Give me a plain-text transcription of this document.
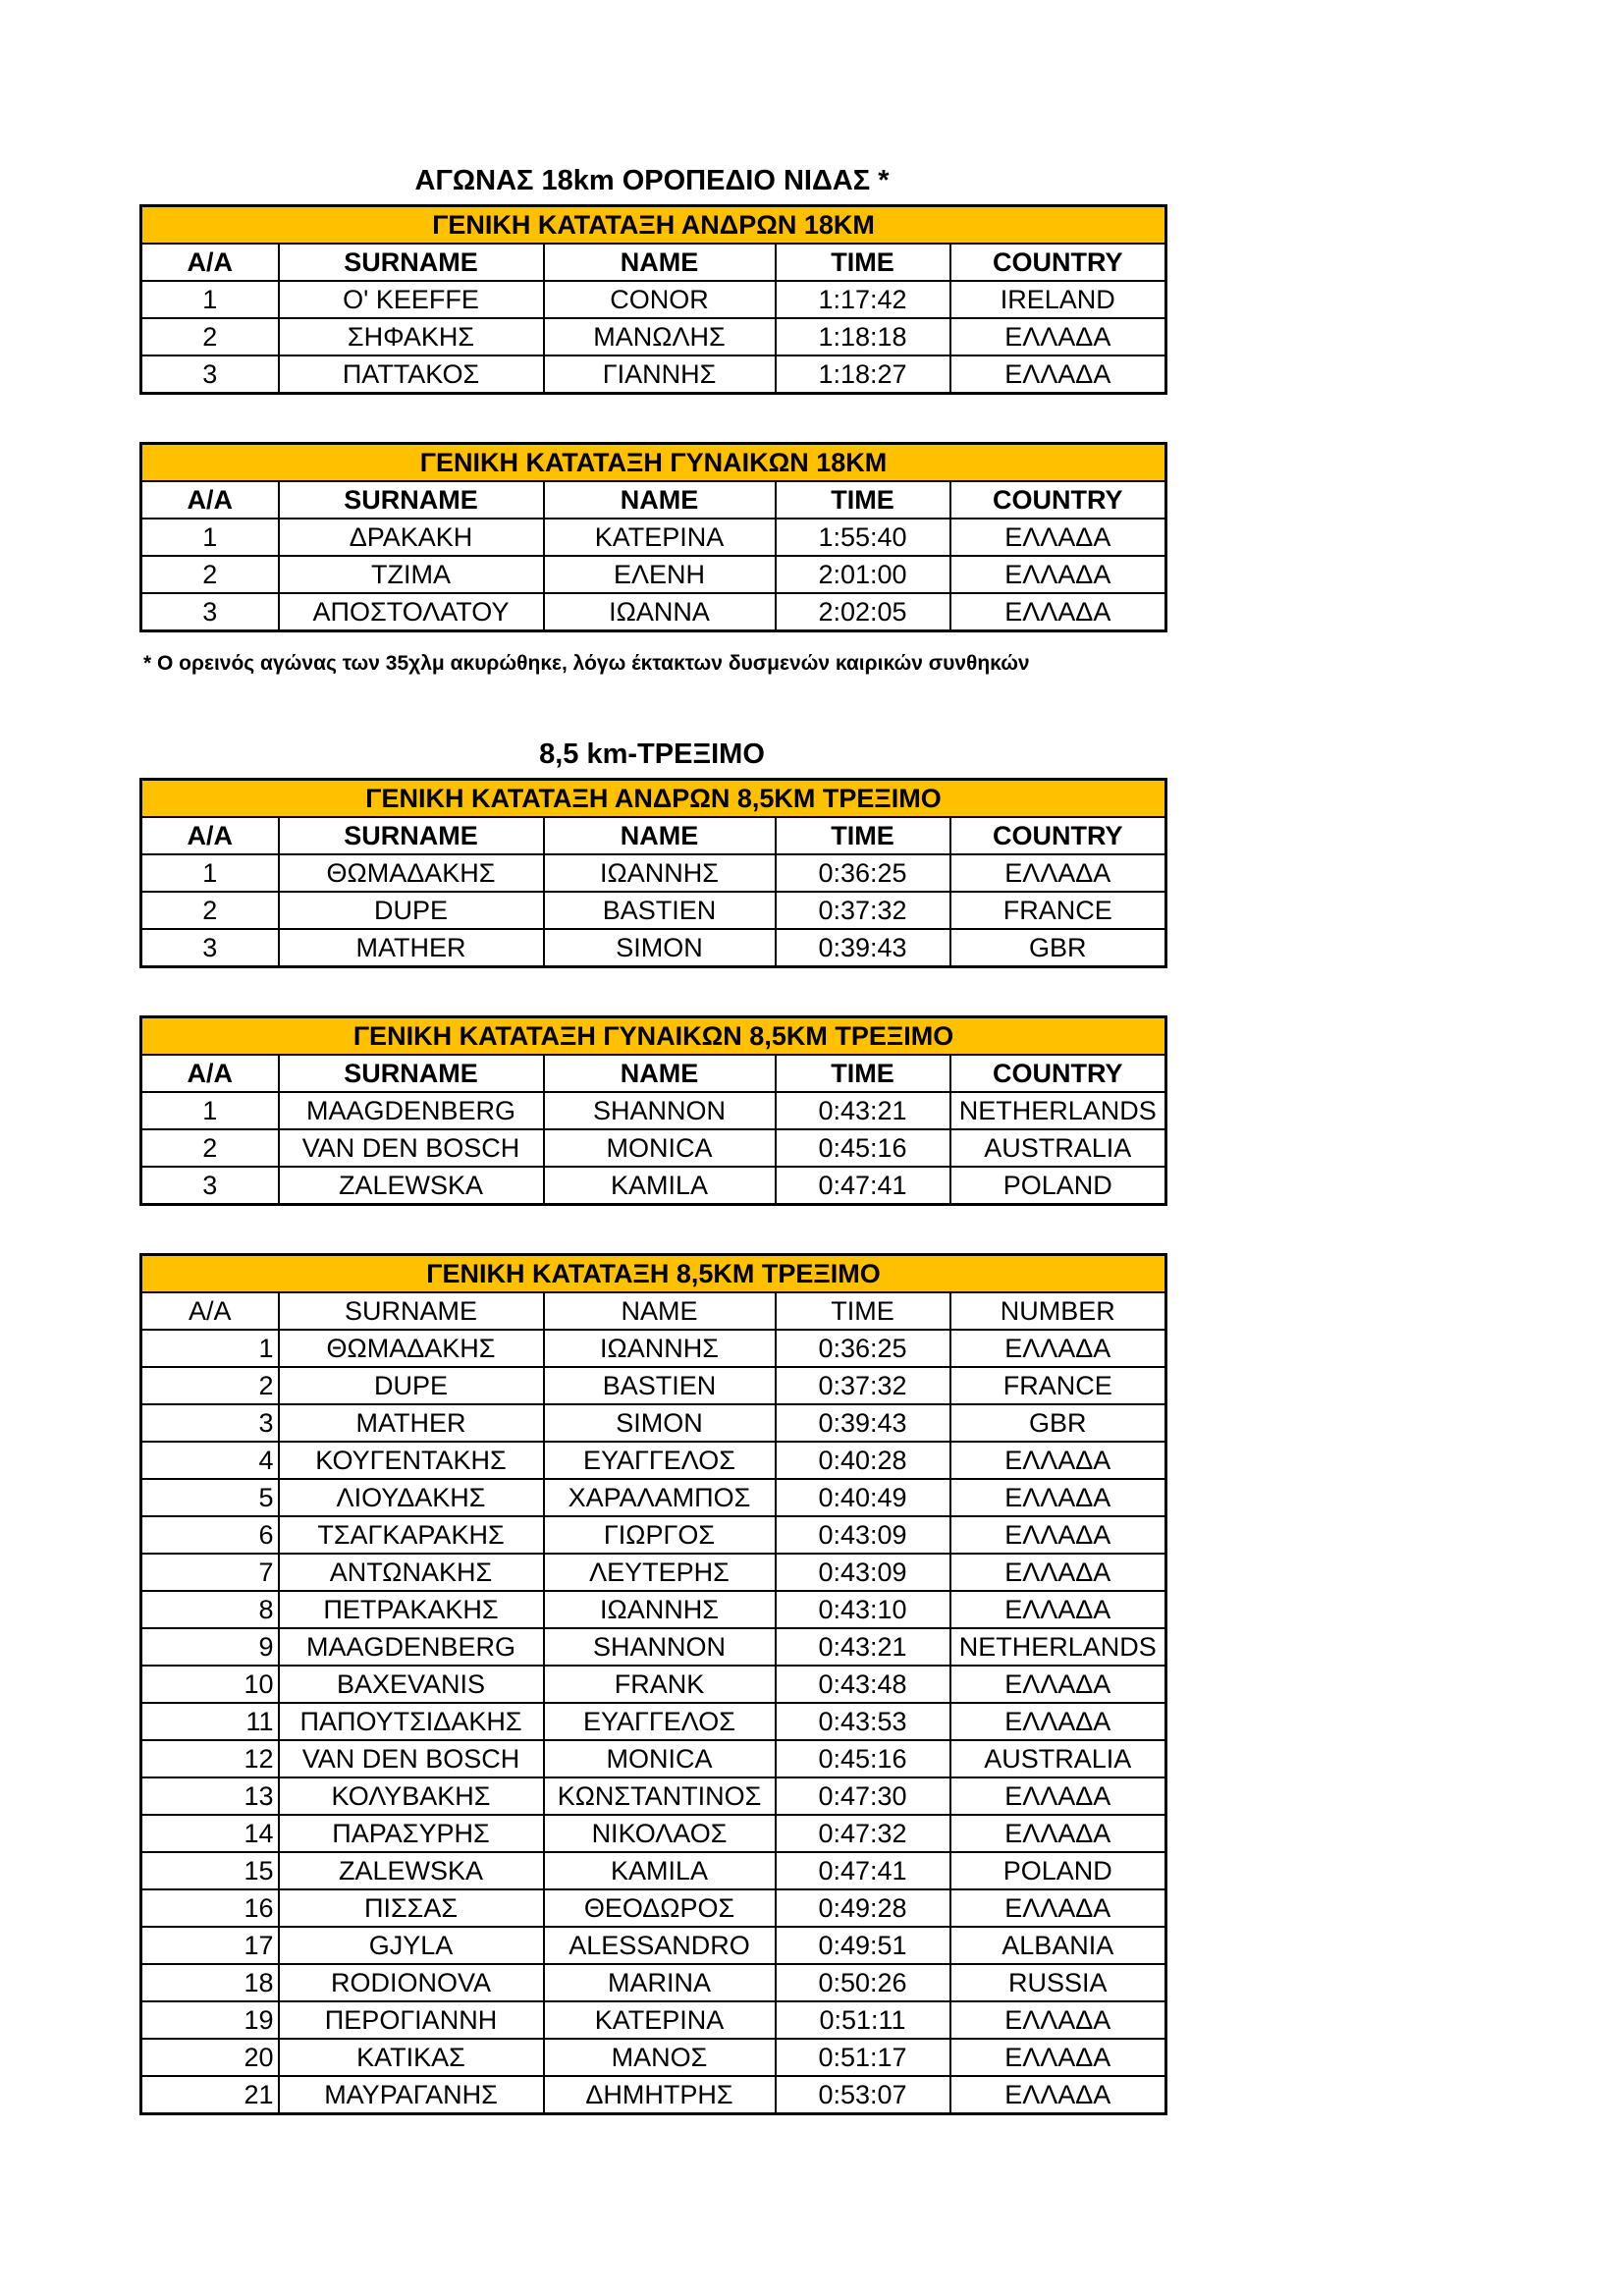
ΑΓΩΝΑΣ 18km ΟΡΟΠΕΔΙΟ ΝΙΔΑΣ *
ΓΕΝΙΚΗ ΚΑΤΑΤΑΞΗ ΑΝΔΡΩΝ 18ΚΜ				
Α/Α	SURNAME	NAME	TIME	COUNTRY
1	O' KEEFFE	CONOR	1:17:42	IRELAND
2	ΣΗΦΑΚΗΣ	ΜΑΝΩΛΗΣ	1:18:18	ΕΛΛΑΔΑ
3	ΠΑΤΤΑΚΟΣ	ΓΙΑΝΝΗΣ	1:18:27	ΕΛΛΑΔΑ
ΓΕΝΙΚΗ ΚΑΤΑΤΑΞΗ ΓΥΝΑΙΚΩΝ 18ΚΜ				
Α/Α	SURNAME	NAME	TIME	COUNTRY
1	ΔΡΑΚΑΚΗ	ΚΑΤΕΡΙΝΑ	1:55:40	ΕΛΛΑΔΑ
2	ΤΖΙΜΑ	ΕΛΕΝΗ	2:01:00	ΕΛΛΑΔΑ
3	ΑΠΟΣΤΟΛΑΤΟΥ	ΙΩΑΝΝΑ	2:02:05	ΕΛΛΑΔΑ
* Ο ορεινός αγώνας των 35χλμ ακυρώθηκε, λόγω έκτακτων δυσμενών καιρικών συνθηκών
8,5 km-ΤΡΕΞΙΜΟ
ΓΕΝΙΚΗ ΚΑΤΑΤΑΞΗ ΑΝΔΡΩΝ 8,5ΚΜ ΤΡΕΞΙΜΟ				
Α/Α	SURNAME	NAME	TIME	COUNTRY
1	ΘΩΜΑΔΑΚΗΣ	ΙΩΑΝΝΗΣ	0:36:25	ΕΛΛΑΔΑ
2	DUPE	BASTIEN	0:37:32	FRANCE
3	MATHER	SIMON	0:39:43	GBR
ΓΕΝΙΚΗ ΚΑΤΑΤΑΞΗ ΓΥΝΑΙΚΩΝ 8,5ΚΜ ΤΡΕΞΙΜΟ				
Α/Α	SURNAME	NAME	TIME	COUNTRY
1	MAAGDENBERG	SHANNON	0:43:21	NETHERLANDS
2	VAN DEN BOSCH	MONICA	0:45:16	AUSTRALIA
3	ZALEWSKA	KAMILA	0:47:41	POLAND
ΓΕΝΙΚΗ ΚΑΤΑΤΑΞΗ 8,5ΚΜ ΤΡΕΞΙΜΟ				
Α/Α	SURNAME	NAME	TIME	NUMBER
1	ΘΩΜΑΔΑΚΗΣ	ΙΩΑΝΝΗΣ	0:36:25	ΕΛΛΑΔΑ
2	DUPE	BASTIEN	0:37:32	FRANCE
3	MATHER	SIMON	0:39:43	GBR
4	ΚΟΥΓΕΝΤΑΚΗΣ	ΕΥΑΓΓΕΛΟΣ	0:40:28	ΕΛΛΑΔΑ
5	ΛΙΟΥΔΑΚΗΣ	ΧΑΡΑΛΑΜΠΟΣ	0:40:49	ΕΛΛΑΔΑ
6	ΤΣΑΓΚΑΡΑΚΗΣ	ΓΙΩΡΓΟΣ	0:43:09	ΕΛΛΑΔΑ
7	ΑΝΤΩΝΑΚΗΣ	ΛΕΥΤΕΡΗΣ	0:43:09	ΕΛΛΑΔΑ
8	ΠΕΤΡΑΚΑΚΗΣ	ΙΩΑΝΝΗΣ	0:43:10	ΕΛΛΑΔΑ
9	MAAGDENBERG	SHANNON	0:43:21	NETHERLANDS
10	BAXEVANIS	FRANK	0:43:48	ΕΛΛΑΔΑ
11	ΠΑΠΟΥΤΣΙΔΑΚΗΣ	ΕΥΑΓΓΕΛΟΣ	0:43:53	ΕΛΛΑΔΑ
12	VAN DEN BOSCH	MONICA	0:45:16	AUSTRALIA
13	ΚΟΛΥΒΑΚΗΣ	ΚΩΝΣΤΑΝΤΙΝΟΣ	0:47:30	ΕΛΛΑΔΑ
14	ΠΑΡΑΣΥΡΗΣ	ΝΙΚΟΛΑΟΣ	0:47:32	ΕΛΛΑΔΑ
15	ZALEWSKA	KAMILA	0:47:41	POLAND
16	ΠΙΣΣΑΣ	ΘΕΟΔΩΡΟΣ	0:49:28	ΕΛΛΑΔΑ
17	GJYLA	ALESSANDRO	0:49:51	ALBANIA
18	RODIONOVA	MARINA	0:50:26	RUSSIA
19	ΠΕΡΟΓΙΑΝΝΗ	ΚΑΤΕΡΙΝΑ	0:51:11	ΕΛΛΑΔΑ
20	ΚΑΤΙΚΑΣ	ΜΑΝΟΣ	0:51:17	ΕΛΛΑΔΑ
21	ΜΑΥΡΑΓΑΝΗΣ	ΔΗΜΗΤΡΗΣ	0:53:07	ΕΛΛΑΔΑ
